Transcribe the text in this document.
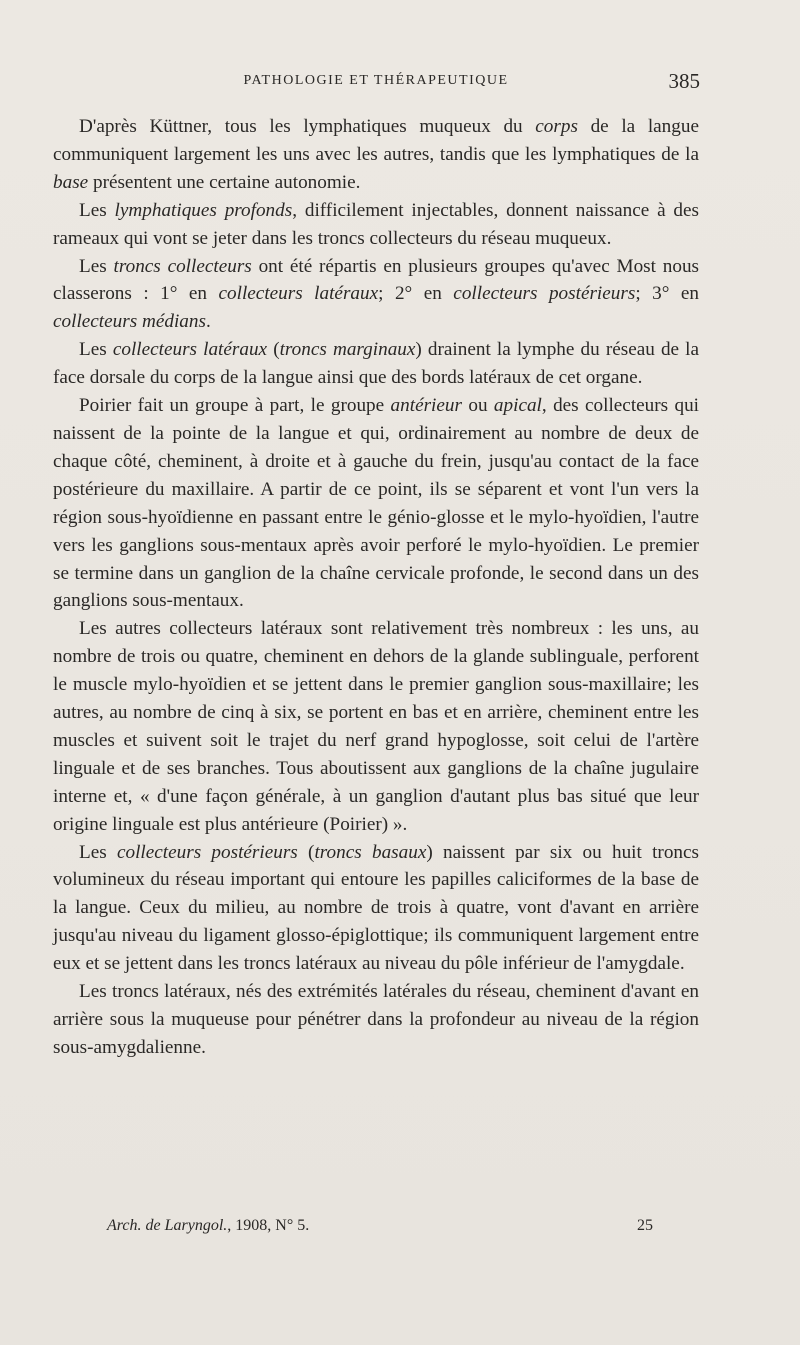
PATHOLOGIE ET THÉRAPEUTIQUE	385

D'après Küttner, tous les lymphatiques muqueux du corps de la langue communiquent largement les uns avec les autres, tandis que les lymphatiques de la base présentent une certaine autonomie.

Les lymphatiques profonds, difficilement injectables, donnent naissance à des rameaux qui vont se jeter dans les troncs collecteurs du réseau muqueux.

Les troncs collecteurs ont été répartis en plusieurs groupes qu'avec Most nous classerons : 1° en collecteurs latéraux; 2° en collecteurs postérieurs; 3° en collecteurs médians.

Les collecteurs latéraux (troncs marginaux) drainent la lymphe du réseau de la face dorsale du corps de la langue ainsi que des bords latéraux de cet organe.

Poirier fait un groupe à part, le groupe antérieur ou apical, des collecteurs qui naissent de la pointe de la langue et qui, ordinairement au nombre de deux de chaque côté, cheminent, à droite et à gauche du frein, jusqu'au contact de la face postérieure du maxillaire. A partir de ce point, ils se séparent et vont l'un vers la région sous-hyoïdienne en passant entre le génio-glosse et le mylo-hyoïdien, l'autre vers les ganglions sous-mentaux après avoir perforé le mylo-hyoïdien. Le premier se termine dans un ganglion de la chaîne cervicale profonde, le second dans un des ganglions sous-mentaux.

Les autres collecteurs latéraux sont relativement très nombreux : les uns, au nombre de trois ou quatre, cheminent en dehors de la glande sublinguale, perforent le muscle mylo-hyoïdien et se jettent dans le premier ganglion sous-maxillaire; les autres, au nombre de cinq à six, se portent en bas et en arrière, cheminent entre les muscles et suivent soit le trajet du nerf grand hypoglosse, soit celui de l'artère linguale et de ses branches. Tous aboutissent aux ganglions de la chaîne jugulaire interne et, « d'une façon générale, à un ganglion d'autant plus bas situé que leur origine linguale est plus antérieure (Poirier) ».

Les collecteurs postérieurs (troncs basaux) naissent par six ou huit troncs volumineux du réseau important qui entoure les papilles caliciformes de la base de la langue. Ceux du milieu, au nombre de trois à quatre, vont d'avant en arrière jusqu'au niveau du ligament glosso-épiglottique; ils communiquent largement entre eux et se jettent dans les troncs latéraux au niveau du pôle inférieur de l'amygdale.

Les troncs latéraux, nés des extrémités latérales du réseau, cheminent d'avant en arrière sous la muqueuse pour pénétrer dans la profondeur au niveau de la région sous-amygdalienne.

Arch. de Laryngol., 1908, N° 5.	25
